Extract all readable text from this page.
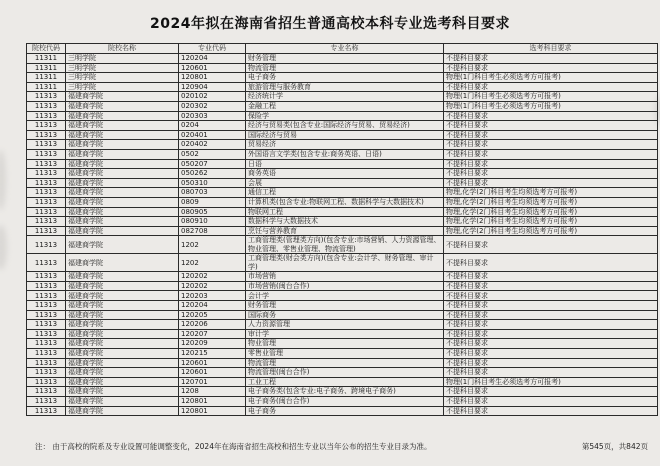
2024年拟在海南省招生普通高校本科专业选考科目要求
院校代码	院校名称	专业代码	专业名称	选考科目要求
11311	三明学院	120204	财务管理	不提科目要求
11311	三明学院	120601	物流管理	不提科目要求
11311	三明学院	120801	电子商务	物理(1门科目考生必须选考方可报考)
11311	三明学院	120904	旅游管理与服务教育	不提科目要求
11313	福建商学院	020102	经济统计学	物理(1门科目考生必须选考方可报考)
11313	福建商学院	020302	金融工程	物理(1门科目考生必须选考方可报考)
11313	福建商学院	020303	保险学	不提科目要求
11313	福建商学院	0204	经济与贸易类(包含专业:国际经济与贸易、贸易经济)	不提科目要求
11313	福建商学院	020401	国际经济与贸易	不提科目要求
11313	福建商学院	020402	贸易经济	不提科目要求
11313	福建商学院	0502	外国语言文学类(包含专业:商务英语、日语)	不提科目要求
11313	福建商学院	050207	日语	不提科目要求
11313	福建商学院	050262	商务英语	不提科目要求
11313	福建商学院	050310	会展	不提科目要求
11313	福建商学院	080703	通信工程	物理,化学(2门科目考生均须选考方可报考)
11313	福建商学院	0809	计算机类(包含专业:物联网工程、数据科学与大数据技术)	物理,化学(2门科目考生均须选考方可报考)
11313	福建商学院	080905	物联网工程	物理,化学(2门科目考生均须选考方可报考)
11313	福建商学院	080910	数据科学与大数据技术	物理,化学(2门科目考生均须选考方可报考)
11313	福建商学院	082708	烹饪与营养教育	物理,化学(2门科目考生均须选考方可报考)
11313	福建商学院	1202	工商管理类(管理类方向)(包含专业:市场营销、人力资源管理、物业管理、零售业管理、物流管理)	不提科目要求
11313	福建商学院	1202	工商管理类(财会类方向)(包含专业:会计学、财务管理、审计学)	不提科目要求
11313	福建商学院	120202	市场营销	不提科目要求
11313	福建商学院	120202	市场营销(闽台合作)	不提科目要求
11313	福建商学院	120203	会计学	不提科目要求
11313	福建商学院	120204	财务管理	不提科目要求
11313	福建商学院	120205	国际商务	不提科目要求
11313	福建商学院	120206	人力资源管理	不提科目要求
11313	福建商学院	120207	审计学	不提科目要求
11313	福建商学院	120209	物业管理	不提科目要求
11313	福建商学院	120215	零售业管理	不提科目要求
11313	福建商学院	120601	物流管理	不提科目要求
11313	福建商学院	120601	物流管理(闽台合作)	不提科目要求
11313	福建商学院	120701	工业工程	物理(1门科目考生必须选考方可报考)
11313	福建商学院	1208	电子商务类(包含专业:电子商务、跨境电子商务)	不提科目要求
11313	福建商学院	120801	电子商务(闽台合作)	不提科目要求
11313	福建商学院	120801	电子商务	不提科目要求
注： 由于高校的院系及专业设置可能调整变化，2024年在海南省招生高校和招生专业以当年公布的招生专业目录为准。	第545页，共842页
